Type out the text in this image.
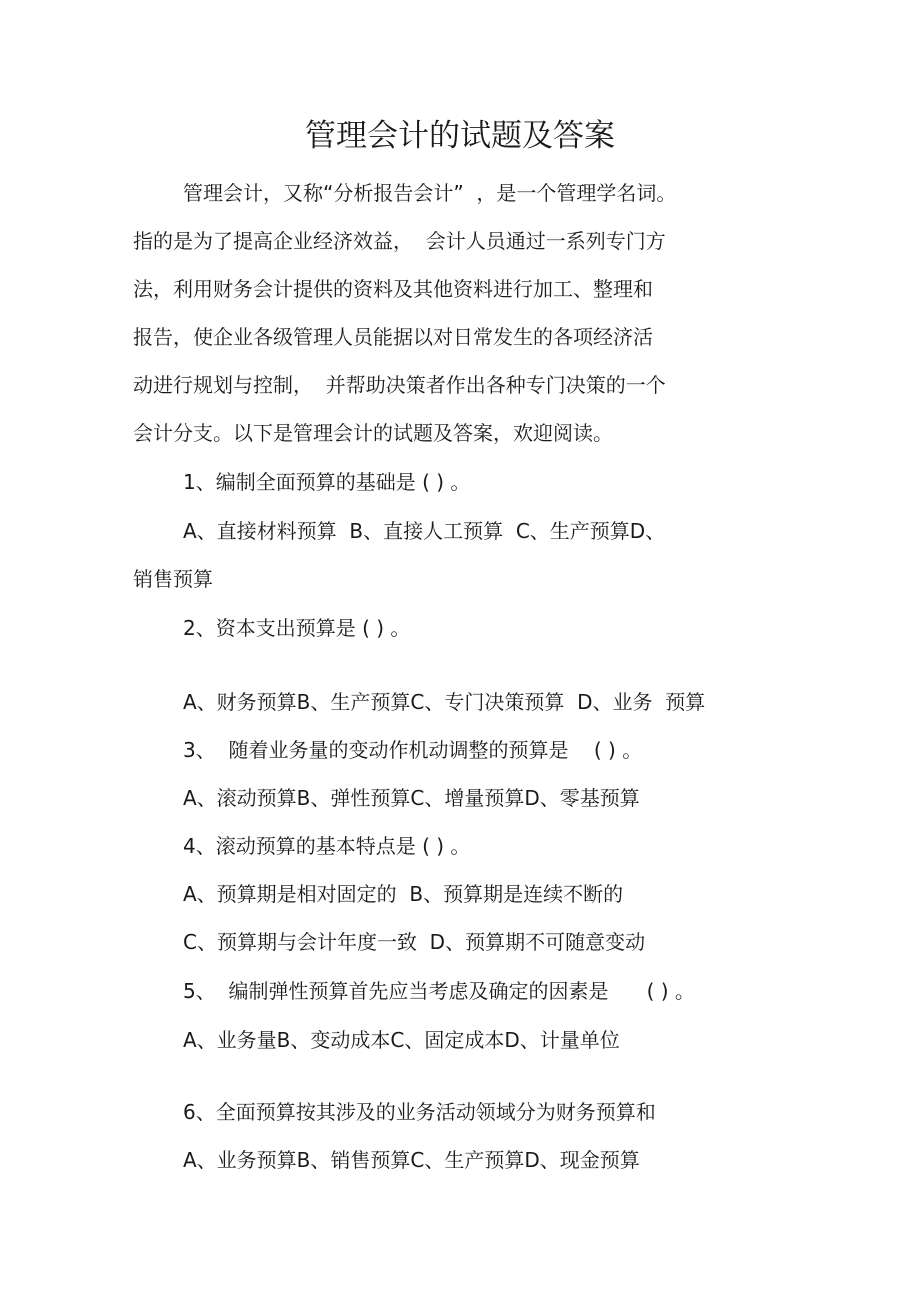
管理会计的试题及答案

管理会计，又称“分析报告会计”  ，是一个管理学名词。

指的是为了提高企业经济效益，  会计人员通过一系列专门方

法，利用财务会计提供的资料及其他资料进行加工、整理和

报告，使企业各级管理人员能据以对日常发生的各项经济活

动进行规划与控制，  并帮助决策者作出各种专门决策的一个

会计分支。以下是管理会计的试题及答案，欢迎阅读。

1、编制全面预算的基础是 ( ) 。

A、直接材料预算  B、直接人工预算  C、生产预算D、

销售预算

2、资本支出预算是 ( ) 。

A、财务预算B、生产预算C、专门决策预算  D、业务  预算

3、  随着业务量的变动作机动调整的预算是    ( ) 。

A、滚动预算B、弹性预算C、增量预算D、零基预算

4、滚动预算的基本特点是 ( ) 。

A、预算期是相对固定的  B、预算期是连续不断的

C、预算期与会计年度一致  D、预算期不可随意变动

5、  编制弹性预算首先应当考虑及确定的因素是      ( ) 。

A、业务量B、变动成本C、固定成本D、计量单位

6、全面预算按其涉及的业务活动领域分为财务预算和

A、业务预算B、销售预算C、生产预算D、现金预算
